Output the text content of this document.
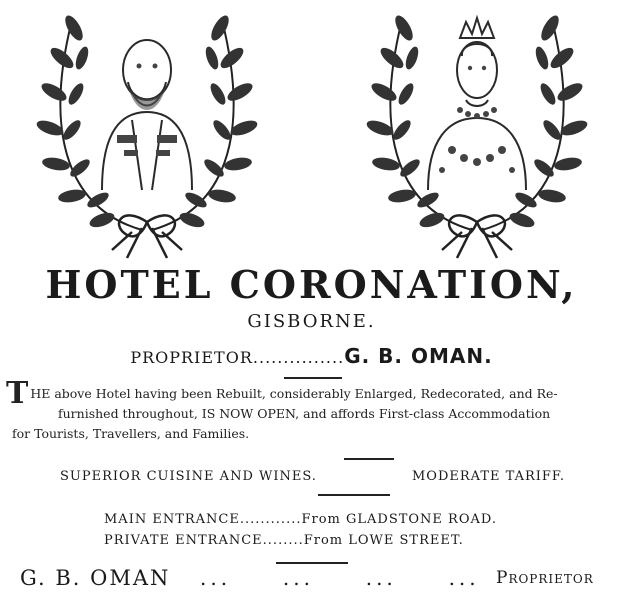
HOTEL CORONATION,
GISBORNE.
PROPRIETOR...............G. B. OMAN.
T HE above Hotel having been Rebuilt, considerably Enlarged, Redecorated, and Re-
furnished throughout, IS NOW OPEN, and affords First-class Accommodation
for Tourists, Travellers, and Families.
SUPERIOR CUISINE AND WINES.	MODERATE TARIFF.
MAIN ENTRANCE............From GLADSTONE ROAD.
PRIVATE ENTRANCE........From LOWE STREET.
G. B. OMAN ...     ...     ...     ... Proprietor
